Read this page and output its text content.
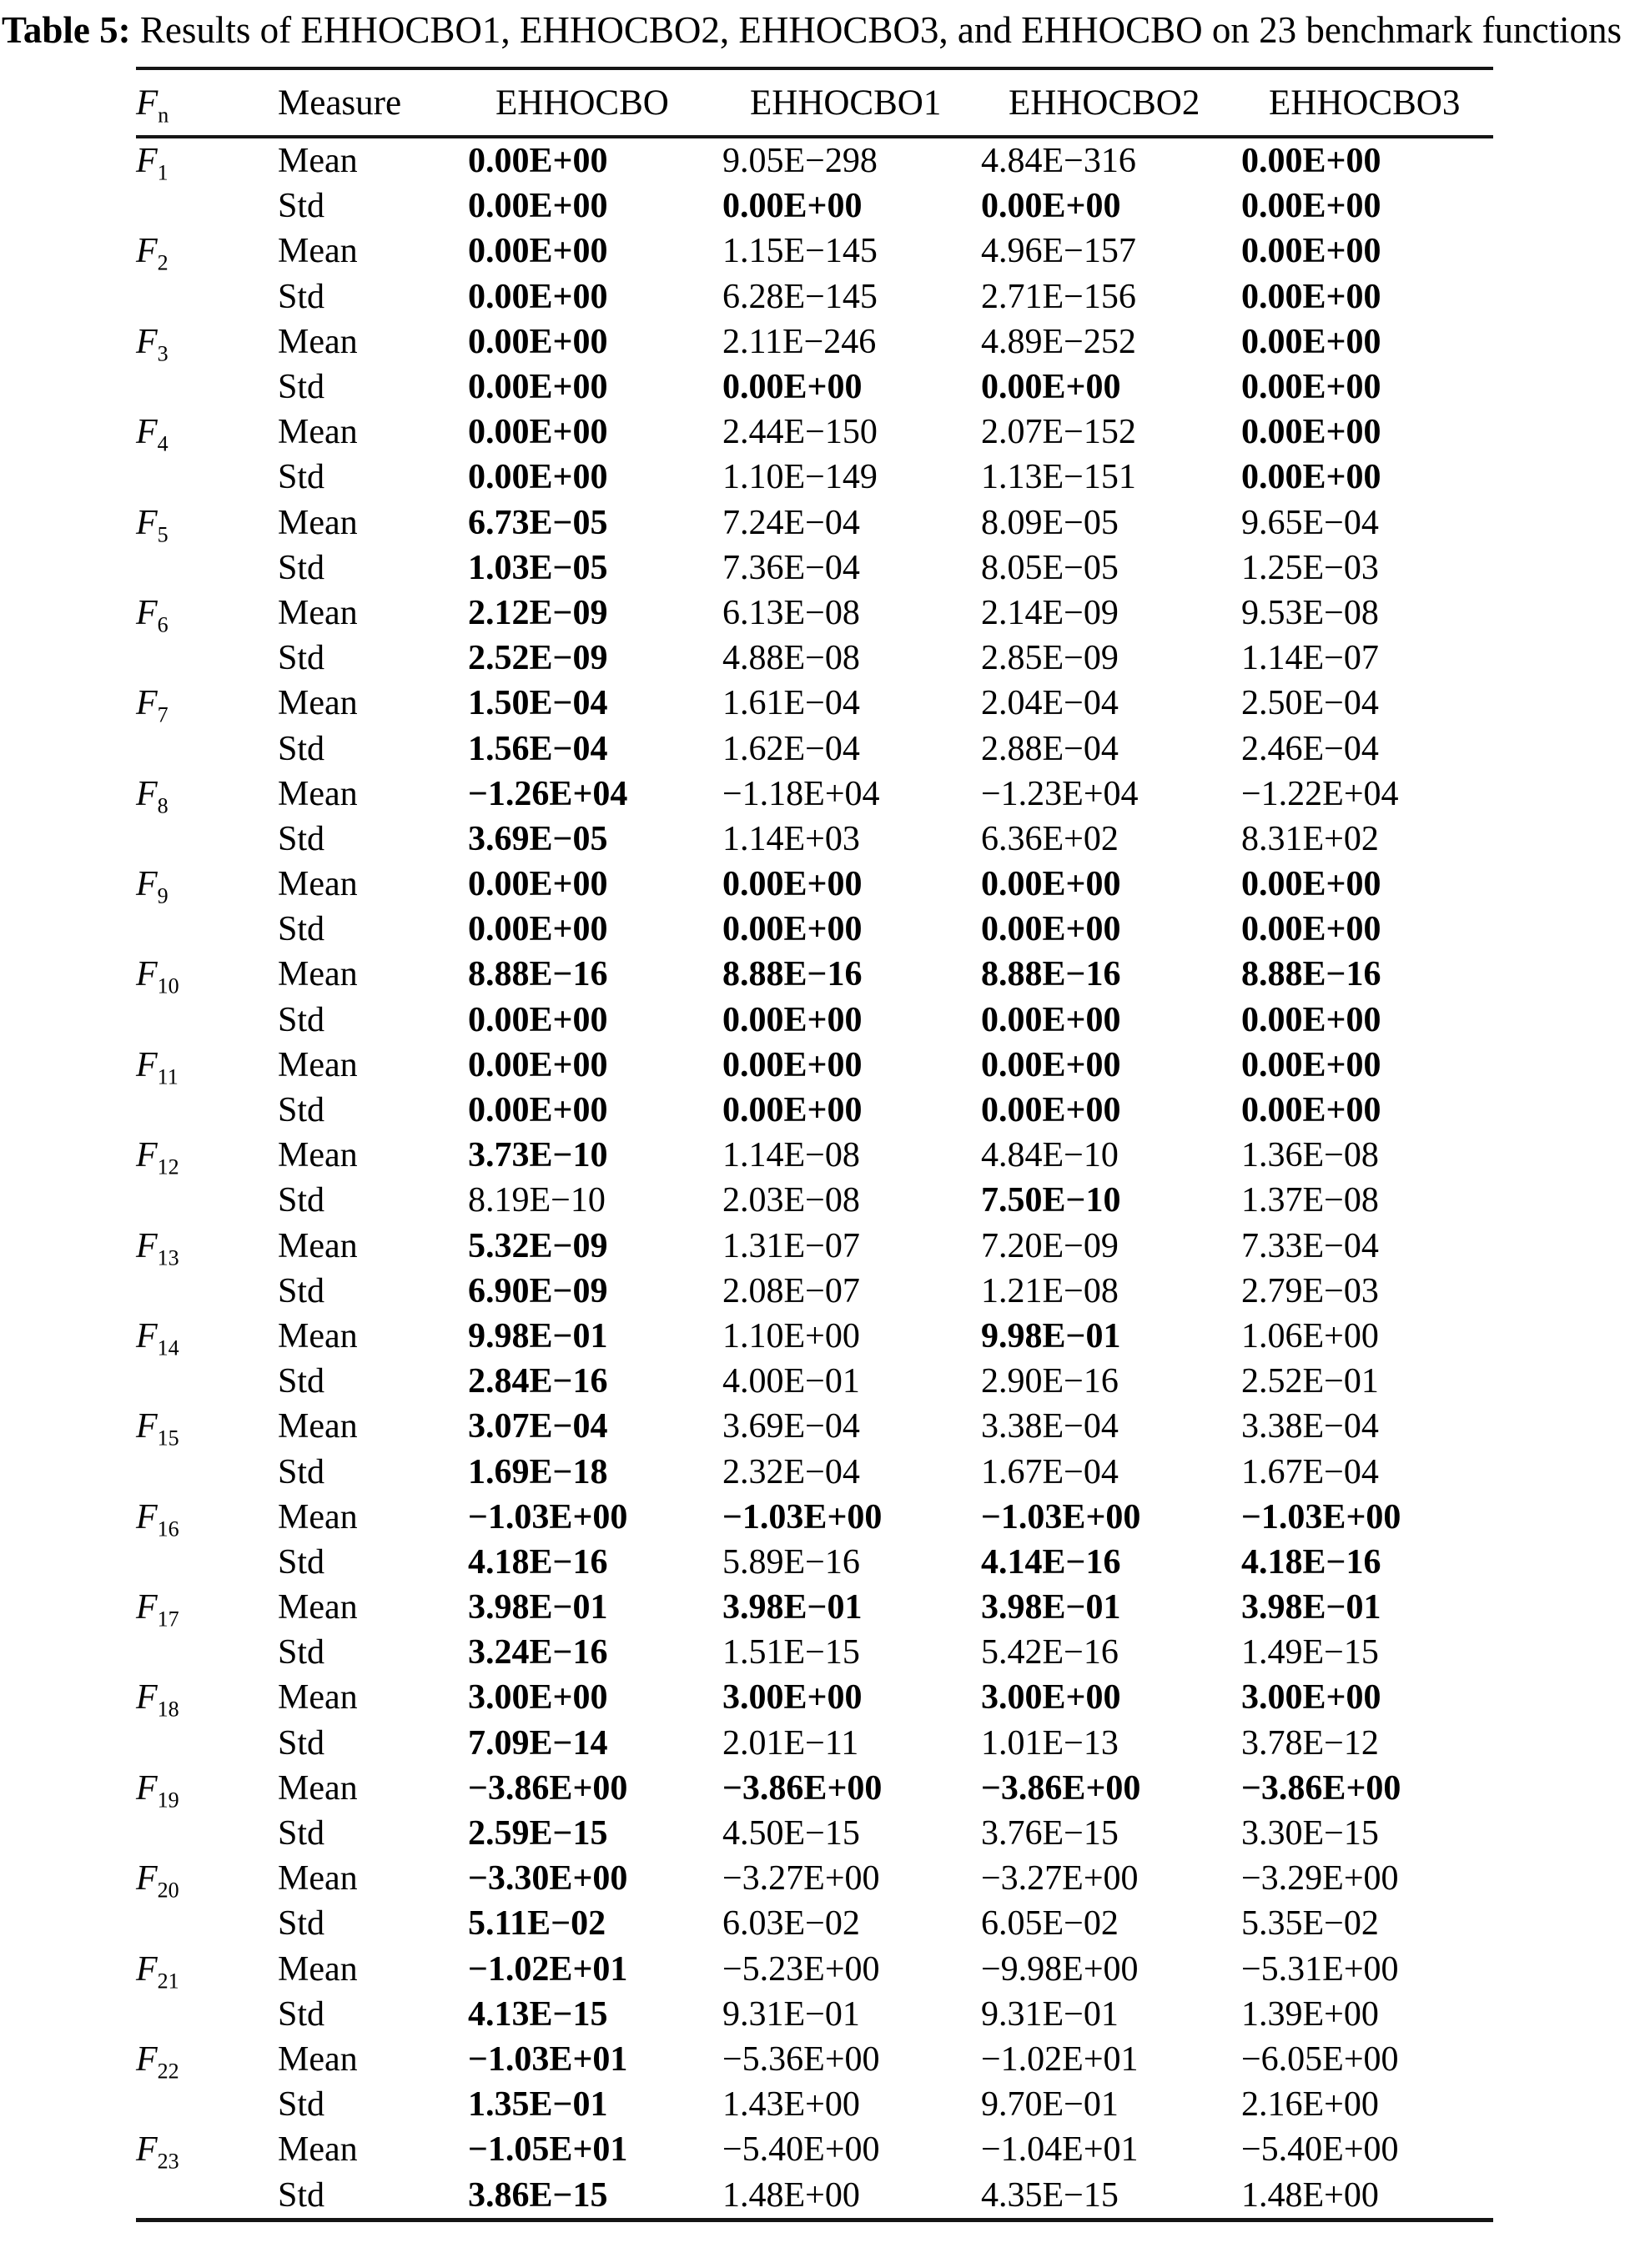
Table 5: Results of EHHOCBO1, EHHOCBO2, EHHOCBO3, and EHHOCBO on 23 benchmark functions
$F_n$	Measure	EHHOCBO	EHHOCBO1	EHHOCBO2	EHHOCBO3
$F_1$	Mean	0.00E+00	9.05E−298	4.84E−316	0.00E+00
	Std	0.00E+00	0.00E+00	0.00E+00	0.00E+00
$F_2$	Mean	0.00E+00	1.15E−145	4.96E−157	0.00E+00
	Std	0.00E+00	6.28E−145	2.71E−156	0.00E+00
$F_3$	Mean	0.00E+00	2.11E−246	4.89E−252	0.00E+00
	Std	0.00E+00	0.00E+00	0.00E+00	0.00E+00
$F_4$	Mean	0.00E+00	2.44E−150	2.07E−152	0.00E+00
	Std	0.00E+00	1.10E−149	1.13E−151	0.00E+00
$F_5$	Mean	6.73E−05	7.24E−04	8.09E−05	9.65E−04
	Std	1.03E−05	7.36E−04	8.05E−05	1.25E−03
$F_6$	Mean	2.12E−09	6.13E−08	2.14E−09	9.53E−08
	Std	2.52E−09	4.88E−08	2.85E−09	1.14E−07
$F_7$	Mean	1.50E−04	1.61E−04	2.04E−04	2.50E−04
	Std	1.56E−04	1.62E−04	2.88E−04	2.46E−04
$F_8$	Mean	−1.26E+04	−1.18E+04	−1.23E+04	−1.22E+04
	Std	3.69E−05	1.14E+03	6.36E+02	8.31E+02
$F_9$	Mean	0.00E+00	0.00E+00	0.00E+00	0.00E+00
	Std	0.00E+00	0.00E+00	0.00E+00	0.00E+00
$F_{10}$	Mean	8.88E−16	8.88E−16	8.88E−16	8.88E−16
	Std	0.00E+00	0.00E+00	0.00E+00	0.00E+00
$F_{11}$	Mean	0.00E+00	0.00E+00	0.00E+00	0.00E+00
	Std	0.00E+00	0.00E+00	0.00E+00	0.00E+00
$F_{12}$	Mean	3.73E−10	1.14E−08	4.84E−10	1.36E−08
	Std	8.19E−10	2.03E−08	7.50E−10	1.37E−08
$F_{13}$	Mean	5.32E−09	1.31E−07	7.20E−09	7.33E−04
	Std	6.90E−09	2.08E−07	1.21E−08	2.79E−03
$F_{14}$	Mean	9.98E−01	1.10E+00	9.98E−01	1.06E+00
	Std	2.84E−16	4.00E−01	2.90E−16	2.52E−01
$F_{15}$	Mean	3.07E−04	3.69E−04	3.38E−04	3.38E−04
	Std	1.69E−18	2.32E−04	1.67E−04	1.67E−04
$F_{16}$	Mean	−1.03E+00	−1.03E+00	−1.03E+00	−1.03E+00
	Std	4.18E−16	5.89E−16	4.14E−16	4.18E−16
$F_{17}$	Mean	3.98E−01	3.98E−01	3.98E−01	3.98E−01
	Std	3.24E−16	1.51E−15	5.42E−16	1.49E−15
$F_{18}$	Mean	3.00E+00	3.00E+00	3.00E+00	3.00E+00
	Std	7.09E−14	2.01E−11	1.01E−13	3.78E−12
$F_{19}$	Mean	−3.86E+00	−3.86E+00	−3.86E+00	−3.86E+00
	Std	2.59E−15	4.50E−15	3.76E−15	3.30E−15
$F_{20}$	Mean	−3.30E+00	−3.27E+00	−3.27E+00	−3.29E+00
	Std	5.11E−02	6.03E−02	6.05E−02	5.35E−02
$F_{21}$	Mean	−1.02E+01	−5.23E+00	−9.98E+00	−5.31E+00
	Std	4.13E−15	9.31E−01	9.31E−01	1.39E+00
$F_{22}$	Mean	−1.03E+01	−5.36E+00	−1.02E+01	−6.05E+00
	Std	1.35E−01	1.43E+00	9.70E−01	2.16E+00
$F_{23}$	Mean	−1.05E+01	−5.40E+00	−1.04E+01	−5.40E+00
	Std	3.86E−15	1.48E+00	4.35E−15	1.48E+00
